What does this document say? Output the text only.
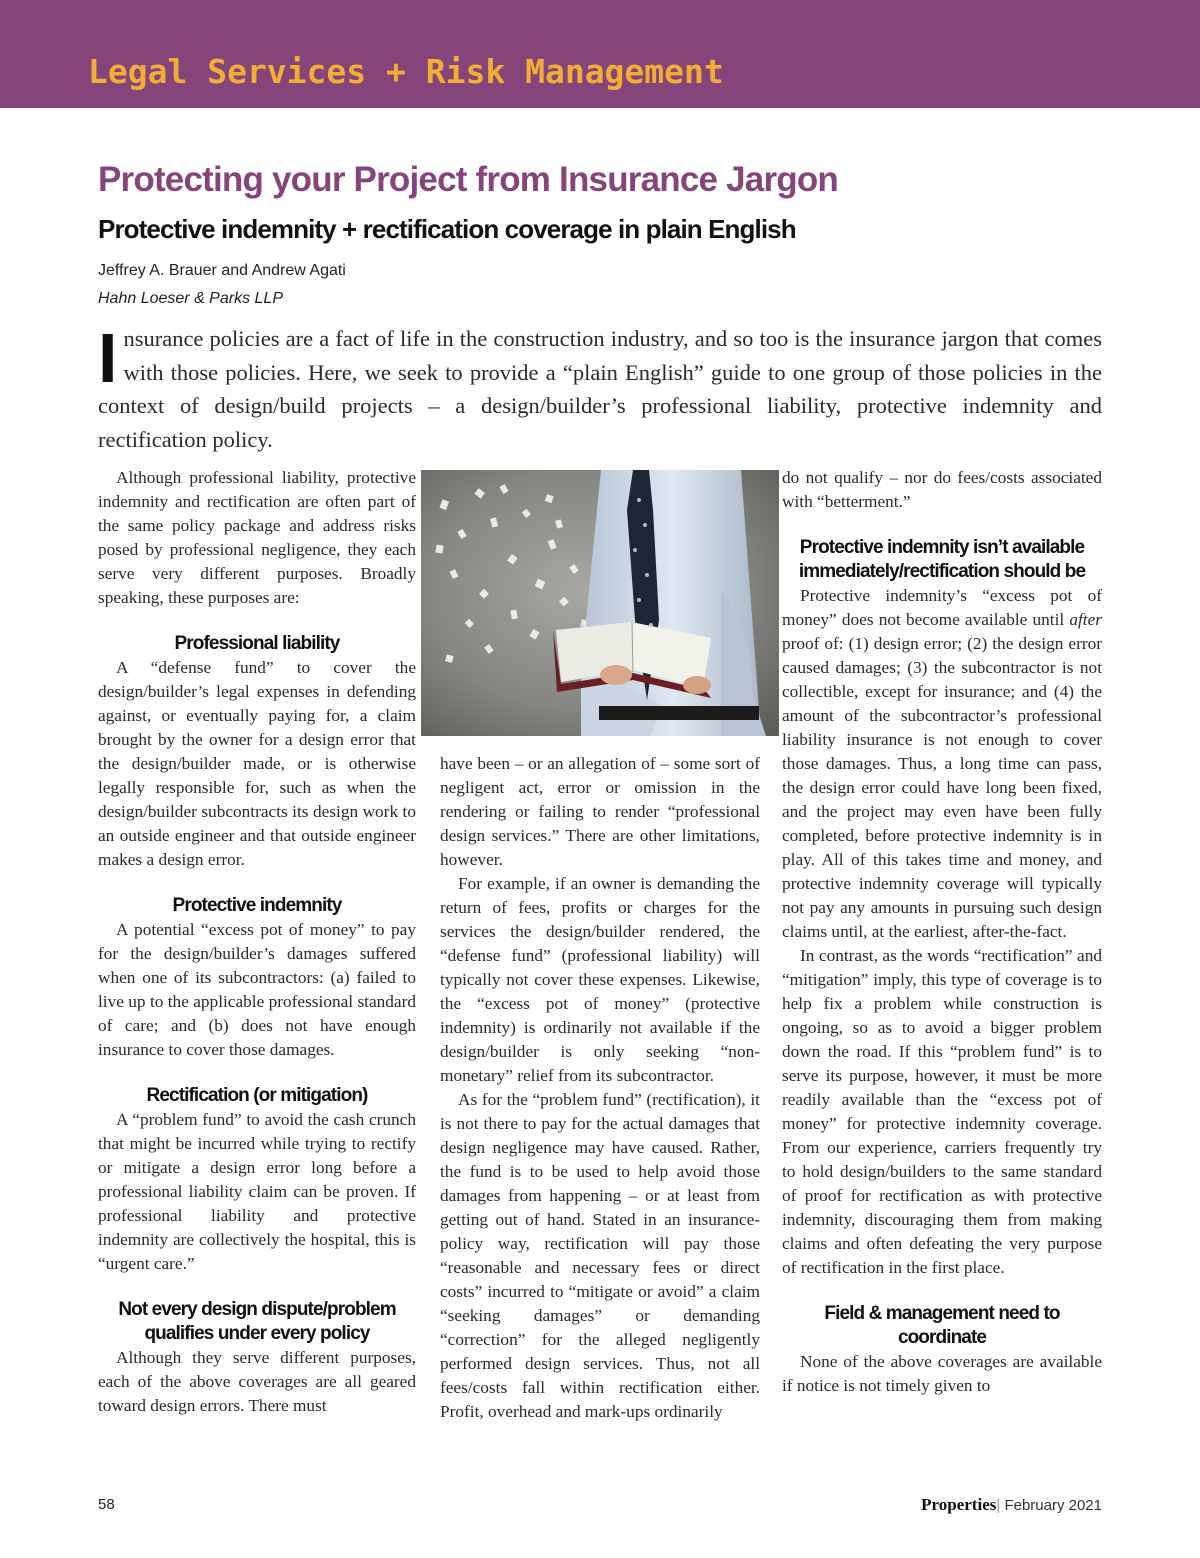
Legal Services + Risk Management
Protecting your Project from Insurance Jargon
Protective indemnity + rectification coverage in plain English
Jeffrey A. Brauer and Andrew Agati
Hahn Loeser & Parks LLP

Insurance policies are a fact of life in the construction industry, and so too is the insurance jargon that comes with those policies. Here, we seek to provide a “plain English” guide to one group of those policies in the context of design/build projects – a design/builder’s professional liability, protective indemnity and rectification policy.

Although professional liability, protective indemnity and rectification are often part of the same policy package and address risks posed by professional negligence, they each serve very different purposes. Broadly speaking, these purposes are:

Professional liability

A “defense fund” to cover the design/builder’s legal expenses in defending against, or eventually paying for, a claim brought by the owner for a design error that the design/builder made, or is otherwise legally responsible for, such as when the design/builder subcontracts its design work to an outside engineer and that outside engineer makes a design error.

Protective indemnity

A potential “excess pot of money” to pay for the design/builder’s damages suffered when one of its subcontractors: (a) failed to live up to the applicable professional standard of care; and (b) does not have enough insurance to cover those damages.

Rectification (or mitigation)

A “problem fund” to avoid the cash crunch that might be incurred while trying to rectify or mitigate a design error long before a professional liability claim can be proven. If professional liability and protective indemnity are collectively the hospital, this is “urgent care.”

Not every design dispute/problem
qualifies under every policy

Although they serve different purposes, each of the above coverages are all geared toward design errors. There must

have been – or an allegation of – some sort of negligent act, error or omission in the rendering or failing to render “professional design services.” There are other limitations, however.

For example, if an owner is demanding the return of fees, profits or charges for the services the design/builder rendered, the “defense fund” (professional liability) will typically not cover these expenses. Likewise, the “excess pot of money” (protective indemnity) is ordinarily not available if the design/builder is only seeking “non-monetary” relief from its subcontractor.

As for the “problem fund” (rectification), it is not there to pay for the actual damages that design negligence may have caused. Rather, the fund is to be used to help avoid those damages from happening – or at least from getting out of hand. Stated in an insurance-policy way, rectification will pay those “reasonable and necessary fees or direct costs” incurred to “mitigate or avoid” a claim “seeking damages” or demanding “correction” for the alleged negligently performed design services. Thus, not all fees/costs fall within rectification either. Profit, overhead and mark-ups ordinarily

do not qualify – nor do fees/costs associated with “betterment.”

Protective indemnity isn’t available
immediately/rectification should be

Protective indemnity’s “excess pot of money” does not become available until after proof of: (1) design error; (2) the design error caused damages; (3) the subcontractor is not collectible, except for insurance; and (4) the amount of the subcontractor’s professional liability insurance is not enough to cover those damages. Thus, a long time can pass, the design error could have long been fixed, and the project may even have been fully completed, before protective indemnity is in play. All of this takes time and money, and protective indemnity coverage will typically not pay any amounts in pursuing such design claims until, at the earliest, after-the-fact.

In contrast, as the words “rectification” and “mitigation” imply, this type of coverage is to help fix a problem while construction is ongoing, so as to avoid a bigger problem down the road. If this “problem fund” is to serve its purpose, however, it must be more readily available than the “excess pot of money” for protective indemnity coverage. From our experience, carriers frequently try to hold design/builders to the same standard of proof for rectification as with protective indemnity, discouraging them from making claims and often defeating the very purpose of rectification in the first place.

Field & management need to coordinate

None of the above coverages are available if notice is not timely given to

58	Properties| February 2021
